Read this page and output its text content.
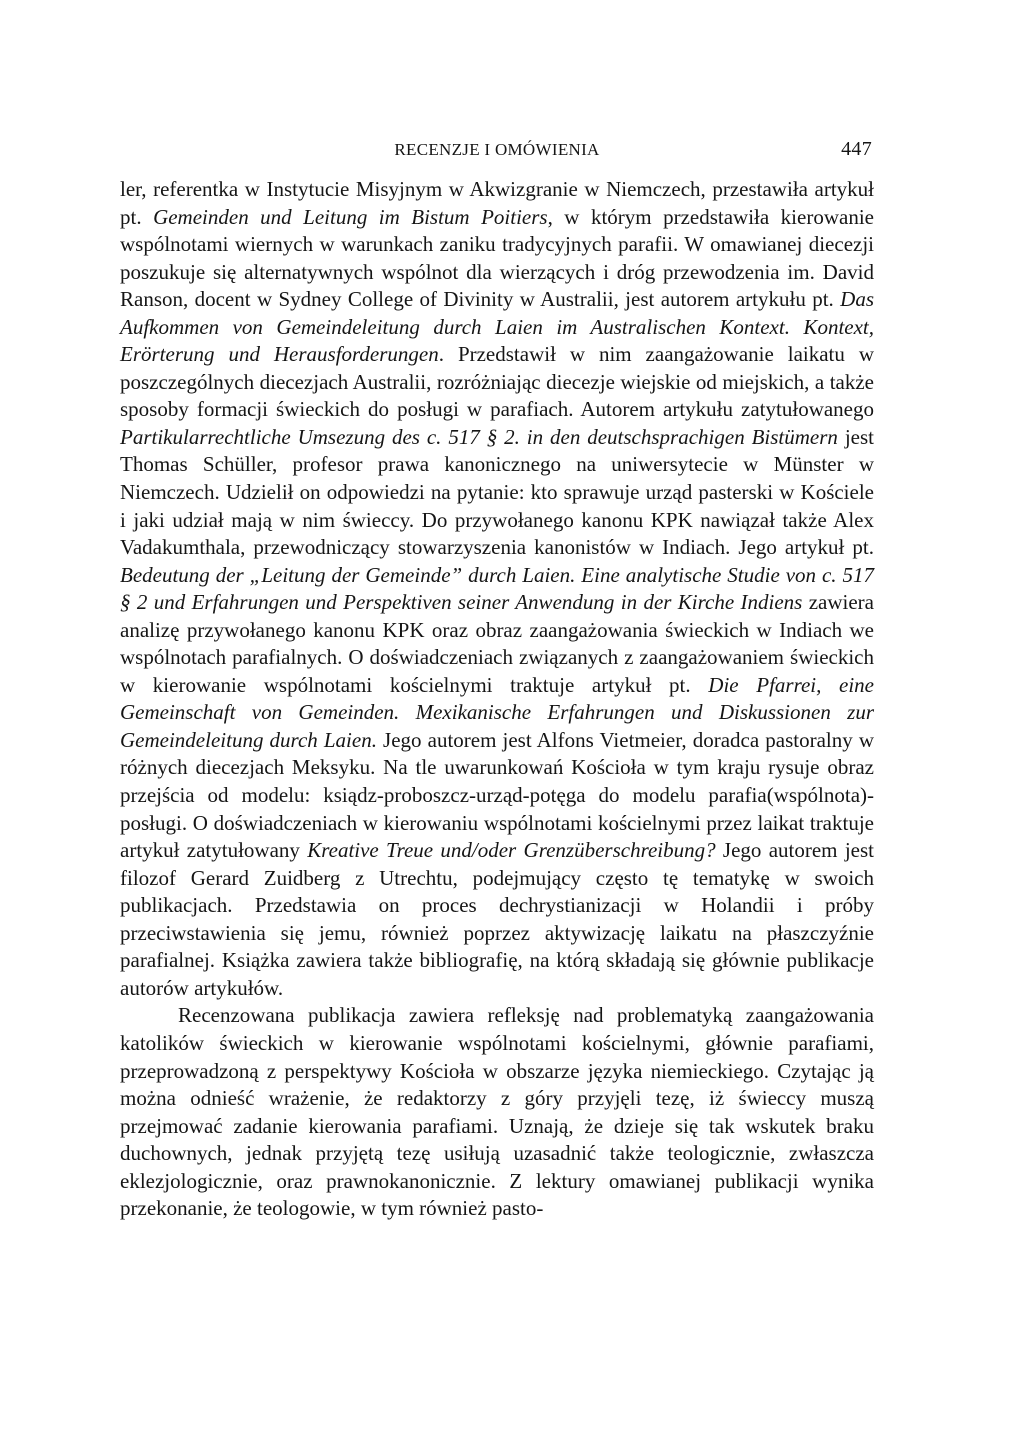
RECENZJE I OMÓWIENIA	447

ler, referentka w Instytucie Misyjnym w Akwizgranie w Niemczech, przestawiła artykuł pt. Gemeinden und Leitung im Bistum Poitiers, w którym przedstawiła kierowanie wspólnotami wiernych w warunkach zaniku tradycyjnych parafii. W omawianej diecezji poszukuje się alternatywnych wspólnot dla wierzących i dróg przewodzenia im. David Ranson, docent w Sydney College of Divinity w Australii, jest autorem artykułu pt. Das Aufkommen von Gemeindeleitung durch Laien im Australischen Kontext. Kontext, Erörterung und Herausforderungen. Przedstawił w nim zaangażowanie laikatu w poszczególnych diecezjach Australii, rozróżniając diecezje wiejskie od miejskich, a także sposoby formacji świeckich do posługi w parafiach. Autorem artykułu zatytułowanego Partikularrechtliche Umsezung des c. 517 § 2. in den deutschsprachigen Bistümern jest Thomas Schüller, profesor prawa kanonicznego na uniwersytecie w Münster w Niemczech. Udzielił on odpowiedzi na pytanie: kto sprawuje urząd pasterski w Kościele i jaki udział mają w nim świeccy. Do przywołanego kanonu KPK nawiązał także Alex Vadakumthala, przewodniczący stowarzyszenia kanonistów w Indiach. Jego artykuł pt. Bedeutung der „Leitung der Gemeinde” durch Laien. Eine analytische Studie von c. 517 § 2 und Erfahrungen und Perspektiven seiner Anwendung in der Kirche Indiens zawiera analizę przywołanego kanonu KPK oraz obraz zaangażowania świeckich w Indiach we wspólnotach parafialnych. O doświadczeniach związanych z zaangażowaniem świeckich w kierowanie wspólnotami kościelnymi traktuje artykuł pt. Die Pfarrei, eine Gemeinschaft von Gemeinden. Mexikanische Erfahrungen und Diskussionen zur Gemeindeleitung durch Laien. Jego autorem jest Alfons Vietmeier, doradca pastoralny w różnych diecezjach Meksyku. Na tle uwarunkowań Kościoła w tym kraju rysuje obraz przejścia od modelu: ksiądz-proboszcz-urząd-potęga do modelu parafia(wspólnota)-posługi. O doświadczeniach w kierowaniu wspólnotami kościelnymi przez laikat traktuje artykuł zatytułowany Kreative Treue und/oder Grenzüberschreibung? Jego autorem jest filozof Gerard Zuidberg z Utrechtu, podejmujący często tę tematykę w swoich publikacjach. Przedstawia on proces dechrystianizacji w Holandii i próby przeciwstawienia się jemu, również poprzez aktywizację laikatu na płaszczyźnie parafialnej. Książka zawiera także bibliografię, na którą składają się głównie publikacje autorów artykułów.

Recenzowana publikacja zawiera refleksję nad problematyką zaangażowania katolików świeckich w kierowanie wspólnotami kościelnymi, głównie parafiami, przeprowadzoną z perspektywy Kościoła w obszarze języka niemieckiego. Czytając ją można odnieść wrażenie, że redaktorzy z góry przyjęli tezę, iż świeccy muszą przejmować zadanie kierowania parafiami. Uznają, że dzieje się tak wskutek braku duchownych, jednak przyjętą tezę usiłują uzasadnić także teologicznie, zwłaszcza eklezjologicznie, oraz prawnokanonicznie. Z lektury omawianej publikacji wynika przekonanie, że teologowie, w tym również pasto-
